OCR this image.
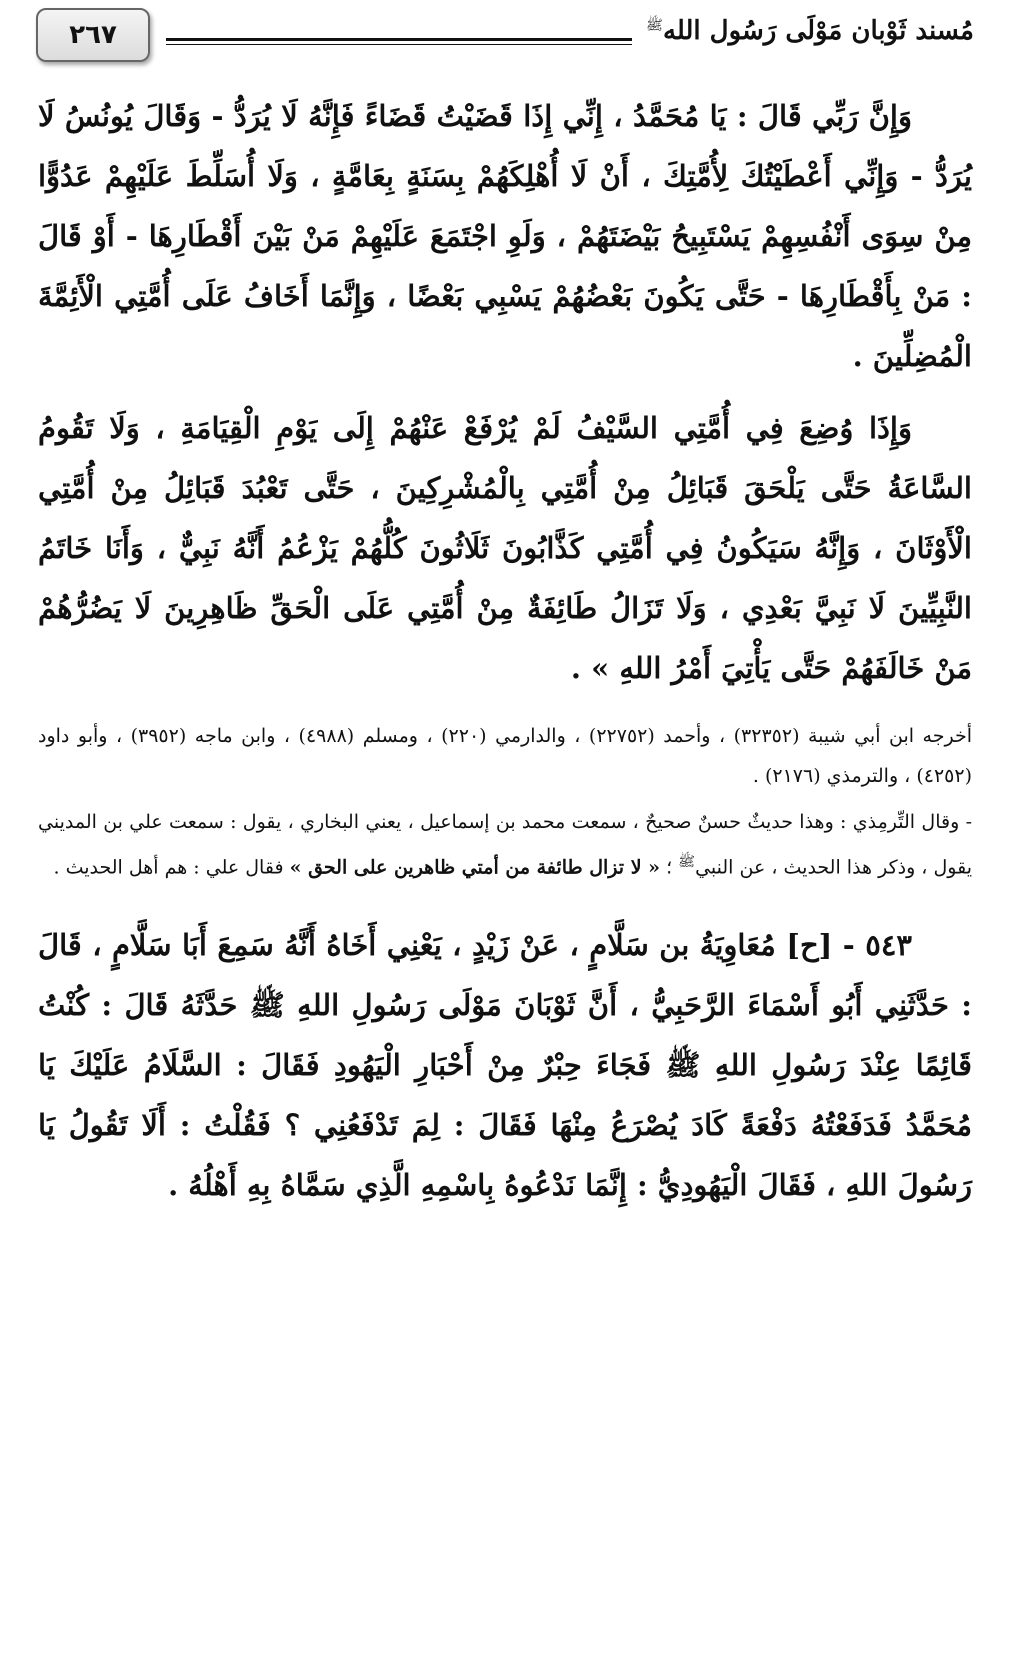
مُسند ثَوْبان مَوْلَى رَسُول الله$^ﷺ$
٢٦٧

وَإِنَّ رَبِّي قَالَ : يَا مُحَمَّدُ ، إِنِّي إِذَا قَضَيْتُ قَضَاءً فَإِنَّهُ لَا يُرَدُّ - وَقَالَ يُونُسُ لَا يُرَدُّ - وَإِنِّي أَعْطَيْتُكَ لِأُمَّتِكَ ، أَنْ لَا أُهْلِكَهُمْ بِسَنَةٍ بِعَامَّةٍ ، وَلَا أُسَلِّطَ عَلَيْهِمْ عَدُوًّا مِنْ سِوَى أَنْفُسِهِمْ يَسْتَبِيحُ بَيْضَتَهُمْ ، وَلَوِ اجْتَمَعَ عَلَيْهِمْ مَنْ بَيْنَ أَقْطَارِهَا - أَوْ قَالَ : مَنْ بِأَقْطَارِهَا - حَتَّى يَكُونَ بَعْضُهُمْ يَسْبِي بَعْضًا ، وَإِنَّمَا أَخَافُ عَلَى أُمَّتِي الْأَئِمَّةَ الْمُضِلِّينَ .

وَإِذَا وُضِعَ فِي أُمَّتِي السَّيْفُ لَمْ يُرْفَعْ عَنْهُمْ إِلَى يَوْمِ الْقِيَامَةِ ، وَلَا تَقُومُ السَّاعَةُ حَتَّى يَلْحَقَ قَبَائِلُ مِنْ أُمَّتِي بِالْمُشْرِكِينَ ، حَتَّى تَعْبُدَ قَبَائِلُ مِنْ أُمَّتِي الْأَوْثَانَ ، وَإِنَّهُ سَيَكُونُ فِي أُمَّتِي كَذَّابُونَ ثَلَاثُونَ كُلُّهُمْ يَزْعُمُ أَنَّهُ نَبِيٌّ ، وَأَنَا خَاتَمُ النَّبِيِّينَ لَا نَبِيَّ بَعْدِي ، وَلَا تَزَالُ طَائِفَةٌ مِنْ أُمَّتِي عَلَى الْحَقِّ ظَاهِرِينَ لَا يَضُرُّهُمْ مَنْ خَالَفَهُمْ حَتَّى يَأْتِيَ أَمْرُ اللهِ » .

أخرجه ابن أبي شيبة (٣٢٣٥٢) ، وأحمد (٢٢٧٥٢) ، والدارمي (٢٢٠) ، ومسلم (٤٩٨٨) ، وابن ماجه (٣٩٥٢) ، وأبو داود (٤٢٥٢) ، والترمذي (٢١٧٦) .

- وقال التِّرمِذي : وهذا حديثٌ حسنٌ صحيحٌ ، سمعت محمد بن إسماعيل ، يعني البخاري ، يقول : سمعت علي بن المديني يقول ، وذكر هذا الحديث ، عن النبي$^ﷺ$ ؛ « لا تزال طائفة من أمتي ظاهرين على الحق » فقال علي : هم أهل الحديث .

٥٤٣ - [ح] مُعَاوِيَةُ بن سَلَّامٍ ، عَنْ زَيْدٍ ، يَعْنِي أَخَاهُ أَنَّهُ سَمِعَ أَبَا سَلَّامٍ ، قَالَ : حَدَّثَنِي أَبُو أَسْمَاءَ الرَّحَبِيُّ ، أَنَّ ثَوْبَانَ مَوْلَى رَسُولِ اللهِ ﷺ حَدَّثَهُ قَالَ : كُنْتُ قَائِمًا عِنْدَ رَسُولِ اللهِ ﷺ فَجَاءَ حِبْرٌ مِنْ أَحْبَارِ الْيَهُودِ فَقَالَ : السَّلَامُ عَلَيْكَ يَا مُحَمَّدُ فَدَفَعْتُهُ دَفْعَةً كَادَ يُصْرَعُ مِنْهَا فَقَالَ : لِمَ تَدْفَعُنِي ؟ فَقُلْتُ : أَلَا تَقُولُ يَا رَسُولَ اللهِ ، فَقَالَ الْيَهُودِيُّ : إِنَّمَا نَدْعُوهُ بِاسْمِهِ الَّذِي سَمَّاهُ بِهِ أَهْلُهُ .
